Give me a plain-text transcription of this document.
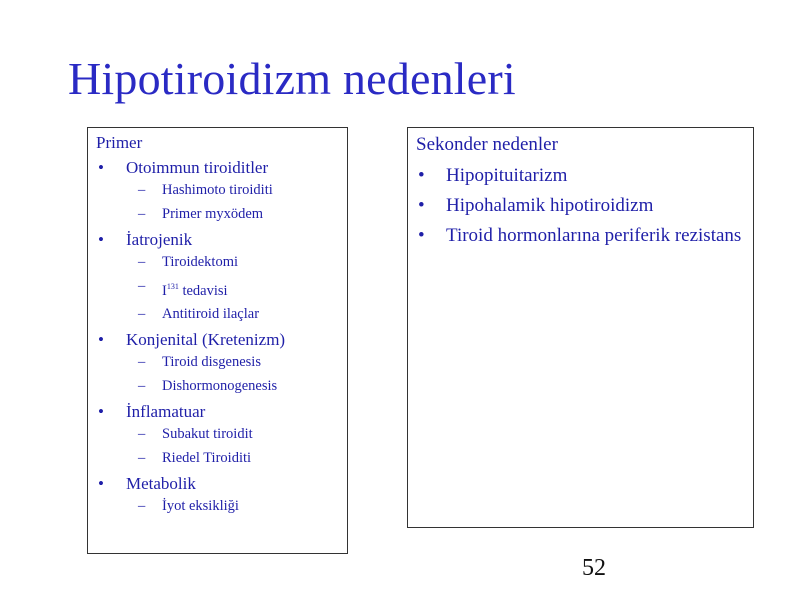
Hipotiroidizm nedenleri
Primer
• Otoimmun tiroiditler
– Hashimoto tiroiditi
– Primer myxödem
• İatrojenik
– Tiroidektomi
– $I^{131}$ tedavisi
– Antitiroid ilaçlar
• Konjenital (Kretenizm)
– Tiroid disgenesis
– Dishormonogenesis
• İnflamatuar
– Subakut tiroidit
– Riedel Tiroiditi
• Metabolik
– İyot eksikliği
Sekonder nedenler
• Hipopituitarizm
• Hipohalamik hipotiroidizm
• Tiroid hormonlarına periferik rezistans
52
